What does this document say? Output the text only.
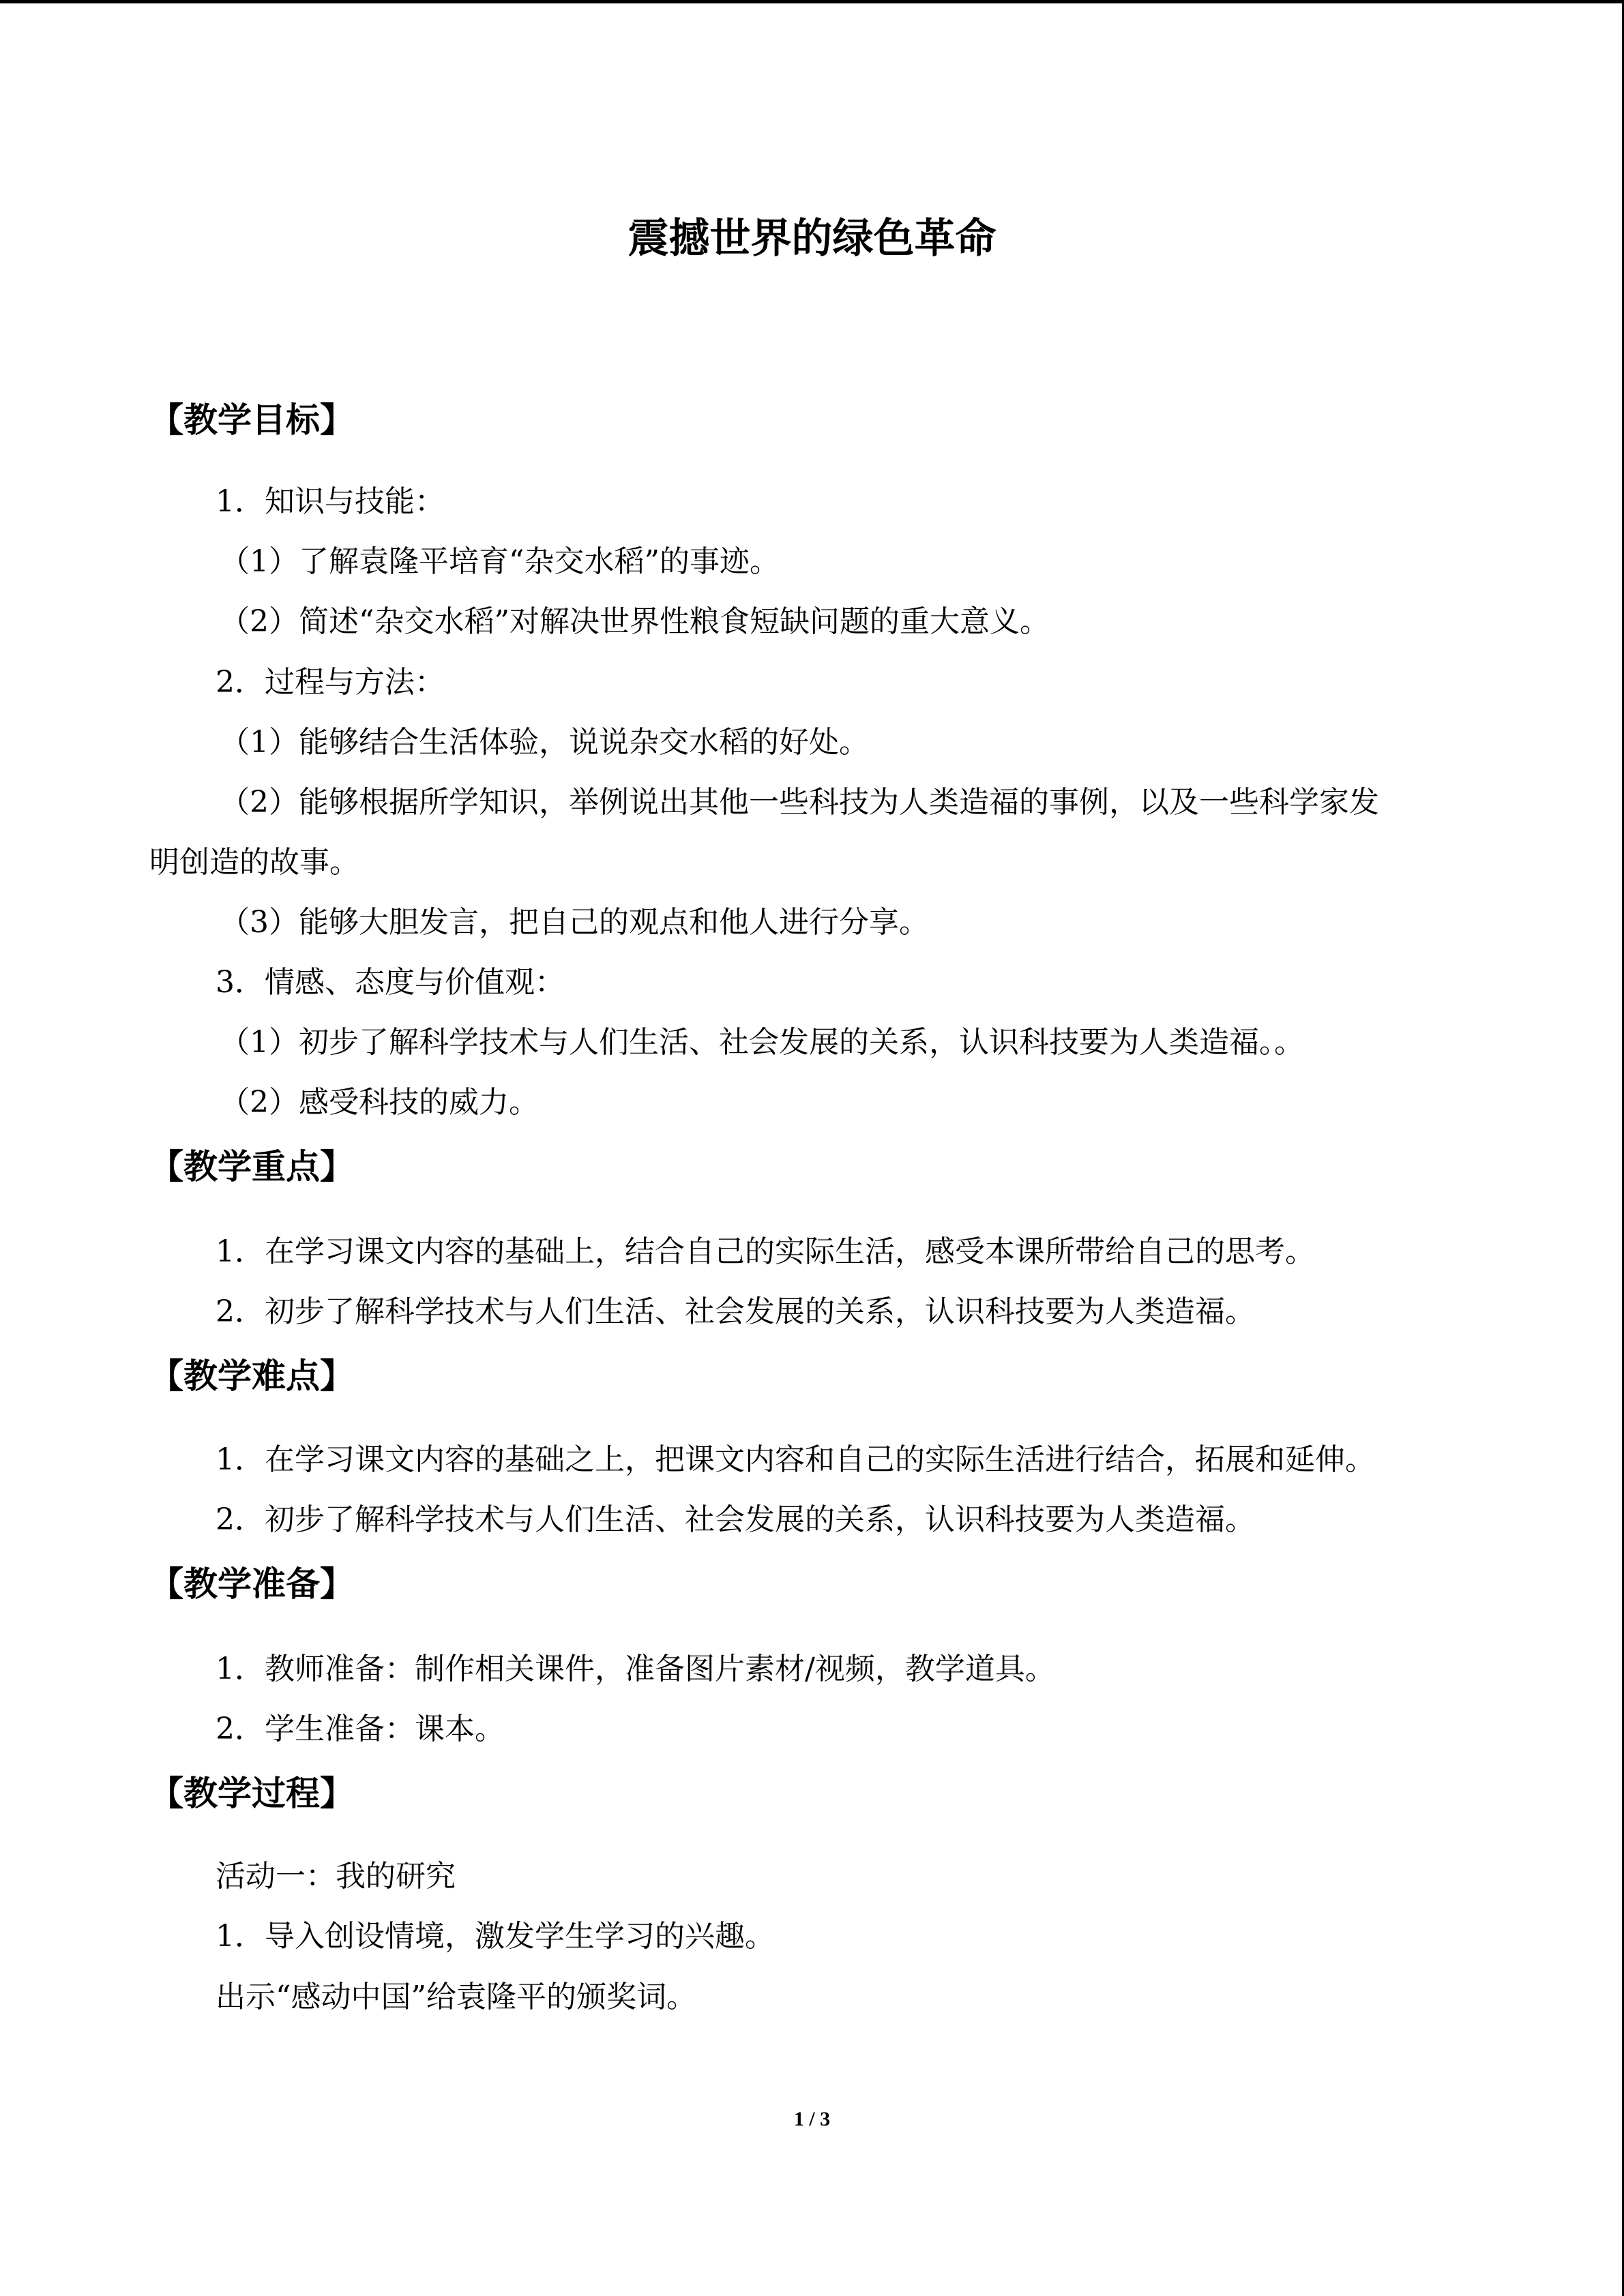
震撼世界的绿色革命
【教学目标】
1．知识与技能：
（1）了解袁隆平培育“杂交水稻”的事迹。
（2）简述“杂交水稻”对解决世界性粮食短缺问题的重大意义。
2．过程与方法：
（1）能够结合生活体验，说说杂交水稻的好处。
（2）能够根据所学知识，举例说出其他一些科技为人类造福的事例，以及一些科学家发
明创造的故事。
（3）能够大胆发言，把自己的观点和他人进行分享。
3．情感、态度与价值观：
（1）初步了解科学技术与人们生活、社会发展的关系，认识科技要为人类造福。。
（2）感受科技的威力。
【教学重点】
1．在学习课文内容的基础上，结合自己的实际生活，感受本课所带给自己的思考。
2．初步了解科学技术与人们生活、社会发展的关系，认识科技要为人类造福。
【教学难点】
1．在学习课文内容的基础之上，把课文内容和自己的实际生活进行结合，拓展和延伸。
2．初步了解科学技术与人们生活、社会发展的关系，认识科技要为人类造福。
【教学准备】
1．教师准备：制作相关课件，准备图片素材/视频，教学道具。
2．学生准备：课本。
【教学过程】
活动一：我的研究
1．导入创设情境，激发学生学习的兴趣。
出示“感动中国”给袁隆平的颁奖词。
1 / 3
